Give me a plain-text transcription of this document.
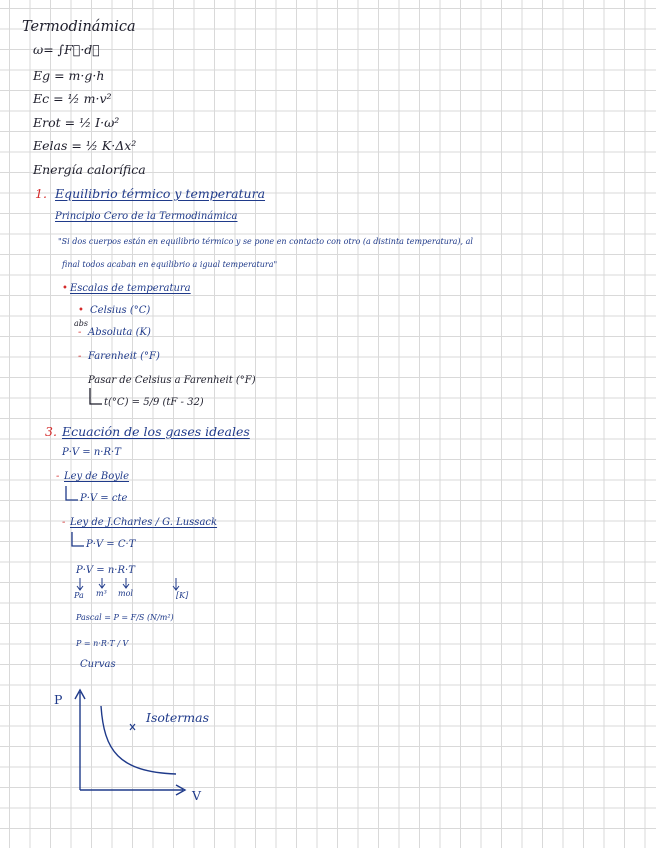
Termodinámica
ω= ∫F⃗·d⃗
Eg = m·g·h
Ec = ½ m·v²
Erot = ½ I·ω²
Eelas = ½ K·Δx²
Energía calorífica
1. Equilibrio térmico y temperatura
Principio Cero de la Termodinámica
"Si dos cuerpos están en equilibrio térmico y se pone en contacto con otro (a distinta temperatura), al
final todos acaban en equilibrio a igual temperatura"
• Escalas de temperatura
• Celsius (°C)
abs
- Absoluta (K)
- Farenheit (°F)
Pasar de Celsius a Farenheit (°F)
t(°C) = 5/9 (tF - 32)
3. Ecuación de los gases ideales
P·V = n·R·T
- Ley de Boyle
P·V = cte
- Ley de J.Charles / G. Lussack
P·V = C·T
P·V = n·R·T
Pa m³ mol	[K]
Pascal = P = F/S (N/m²)
P = n·R·T / V
Curvas
P
V
Isotermas
